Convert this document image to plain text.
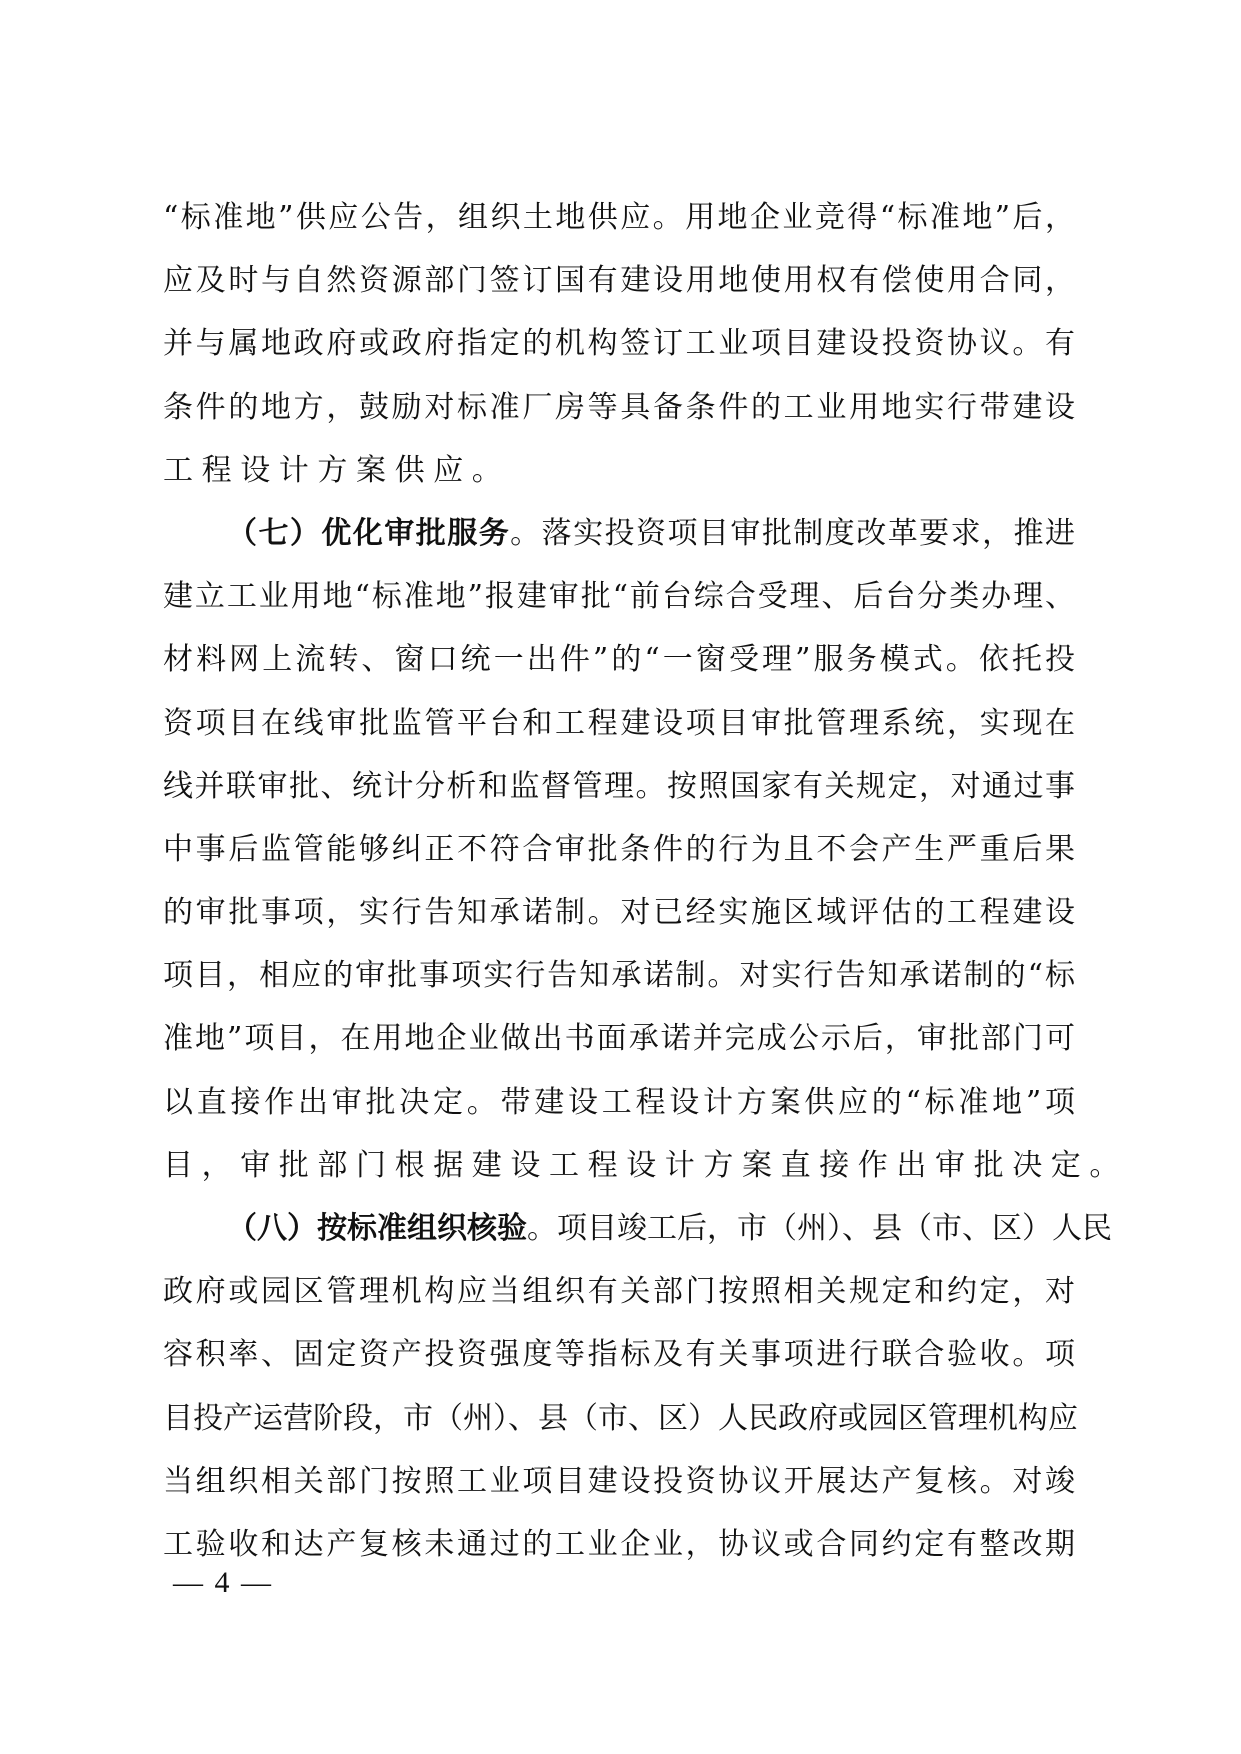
“标准地”供应公告，组织土地供应。用地企业竞得“标准地”后，
应及时与自然资源部门签订国有建设用地使用权有偿使用合同，
并与属地政府或政府指定的机构签订工业项目建设投资协议。有
条件的地方，鼓励对标准厂房等具备条件的工业用地实行带建设
工程设计方案供应。
（七）优化审批服务。落实投资项目审批制度改革要求，推进
建立工业用地“标准地”报建审批“前台综合受理、后台分类办理、
材料网上流转、窗口统一出件”的“一窗受理”服务模式。依托投
资项目在线审批监管平台和工程建设项目审批管理系统，实现在
线并联审批、统计分析和监督管理。按照国家有关规定，对通过事
中事后监管能够纠正不符合审批条件的行为且不会产生严重后果
的审批事项，实行告知承诺制。对已经实施区域评估的工程建设
项目，相应的审批事项实行告知承诺制。对实行告知承诺制的“标
准地”项目，在用地企业做出书面承诺并完成公示后，审批部门可
以直接作出审批决定。带建设工程设计方案供应的“标准地”项
目，审批部门根据建设工程设计方案直接作出审批决定。
（八）按标准组织核验。项目竣工后，市（州）、县（市、区）人民
政府或园区管理机构应当组织有关部门按照相关规定和约定，对
容积率、固定资产投资强度等指标及有关事项进行联合验收。项
目投产运营阶段，市（州）、县（市、区）人民政府或园区管理机构应
当组织相关部门按照工业项目建设投资协议开展达产复核。对竣
工验收和达产复核未通过的工业企业，协议或合同约定有整改期
— 4 —
